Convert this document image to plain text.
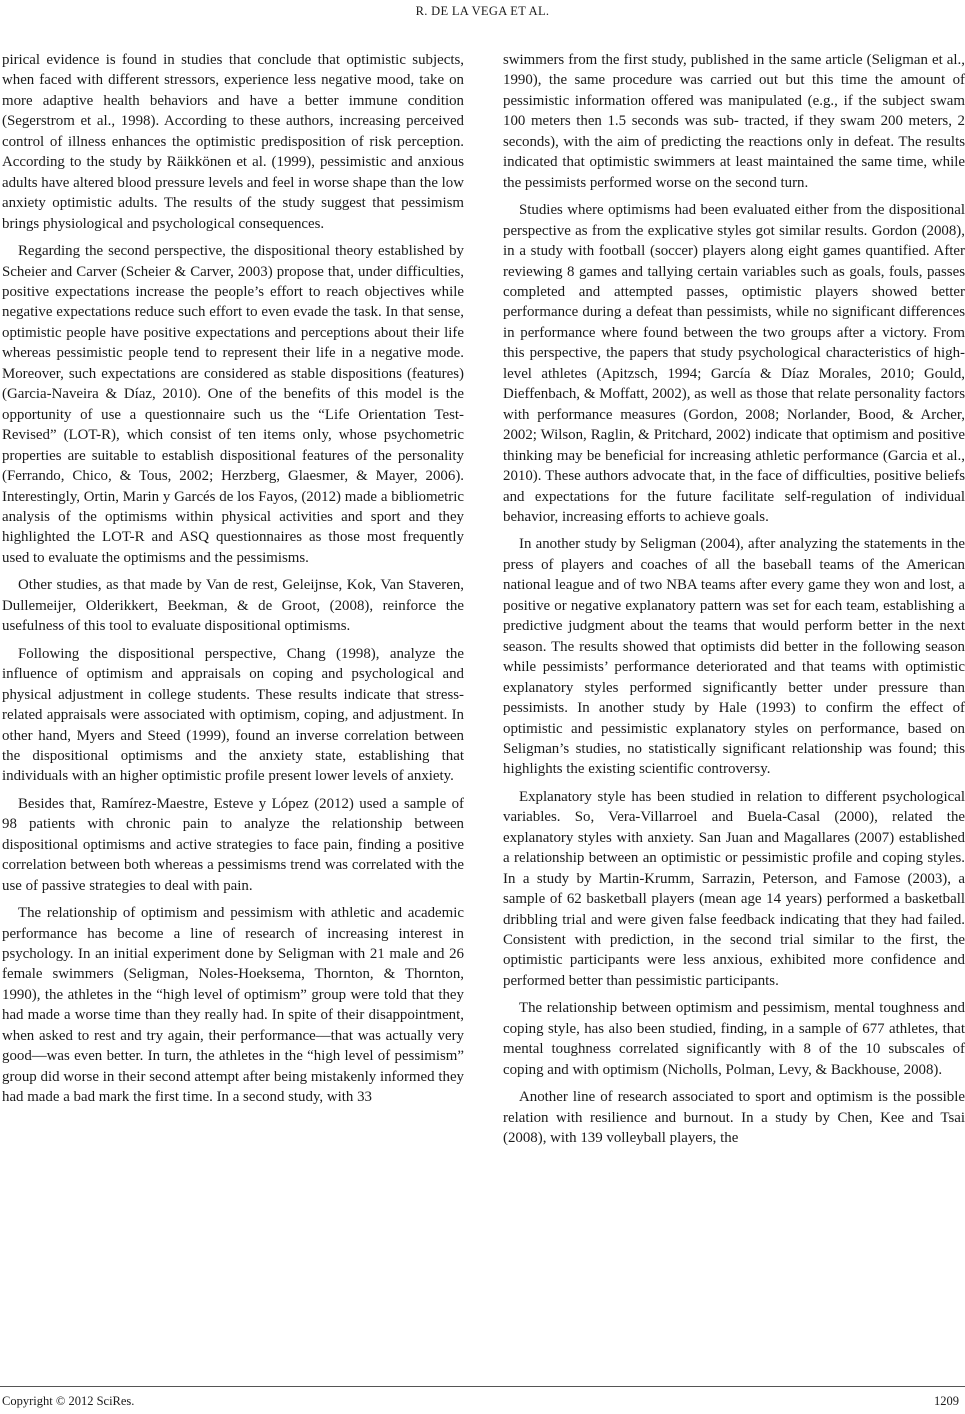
R. DE LA VEGA ET AL.

pirical evidence is found in studies that conclude that optimistic subjects, when faced with different stressors, experience less negative mood, take on more adaptive health behaviors and have a better immune condition (Segerstrom et al., 1998). According to these authors, increasing perceived control of illness enhances the optimistic predisposition of risk perception. According to the study by Räikkönen et al. (1999), pessimistic and anxious adults have altered blood pressure levels and feel in worse shape than the low anxiety optimistic adults. The results of the study suggest that pessimism brings physiological and psychological consequences.

Regarding the second perspective, the dispositional theory established by Scheier and Carver (Scheier & Carver, 2003) propose that, under difficulties, positive expectations increase the people’s effort to reach objectives while negative expectations reduce such effort to even evade the task. In that sense, optimistic people have positive expectations and perceptions about their life whereas pessimistic people tend to represent their life in a negative mode. Moreover, such expectations are considered as stable dispositions (features) (Garcia-Naveira & Díaz, 2010). One of the benefits of this model is the opportunity of use a questionnaire such us the “Life Orientation Test-Revised” (LOT-R), which consist of ten items only, whose psychometric properties are suitable to establish dispositional features of the personality (Ferrando, Chico, & Tous, 2002; Herzberg, Glaesmer, & Mayer, 2006). Interestingly, Ortin, Marin y Garcés de los Fayos, (2012) made a bibliometric analysis of the optimisms within physical activities and sport and they highlighted the LOT-R and ASQ questionnaires as those most frequently used to evaluate the optimisms and the pessimisms.

Other studies, as that made by Van de rest, Geleijnse, Kok, Van Staveren, Dullemeijer, Olderikkert, Beekman, & de Groot, (2008), reinforce the usefulness of this tool to evaluate dispositional optimisms.

Following the dispositional perspective, Chang (1998), analyze the influence of optimism and appraisals on coping and psychological and physical adjustment in college students. These results indicate that stress-related appraisals were associated with optimism, coping, and adjustment. In other hand, Myers and Steed (1999), found an inverse correlation between the dispositional optimisms and the anxiety state, establishing that individuals with an higher optimistic profile present lower levels of anxiety.

Besides that, Ramírez-Maestre, Esteve y López (2012) used a sample of 98 patients with chronic pain to analyze the relationship between dispositional optimisms and active strategies to face pain, finding a positive correlation between both whereas a pessimisms trend was correlated with the use of passive strategies to deal with pain.

The relationship of optimism and pessimism with athletic and academic performance has become a line of research of increasing interest in psychology. In an initial experiment done by Seligman with 21 male and 26 female swimmers (Seligman, Noles-Hoeksema, Thornton, & Thornton, 1990), the athletes in the “high level of optimism” group were told that they had made a worse time than they really had. In spite of their disappointment, when asked to rest and try again, their performance—that was actually very good—was even better. In turn, the athletes in the “high level of pessimism” group did worse in their second attempt after being mistakenly informed they had made a bad mark the first time. In a second study, with 33

swimmers from the first study, published in the same article (Seligman et al., 1990), the same procedure was carried out but this time the amount of pessimistic information offered was manipulated (e.g., if the subject swam 100 meters then 1.5 seconds was sub- tracted, if they swam 200 meters, 2 seconds), with the aim of predicting the reactions only in defeat. The results indicated that optimistic swimmers at least maintained the same time, while the pessimists performed worse on the second turn.

Studies where optimisms had been evaluated either from the dispositional perspective as from the explicative styles got similar results. Gordon (2008), in a study with football (soccer) players along eight games quantified. After reviewing 8 games and tallying certain variables such as goals, fouls, passes completed and attempted passes, optimistic players showed better performance during a defeat than pessimists, while no significant differences in performance where found between the two groups after a victory. From this perspective, the papers that study psychological characteristics of high-level athletes (Apitzsch, 1994; García & Díaz Morales, 2010; Gould, Dieffenbach, & Moffatt, 2002), as well as those that relate personality factors with performance measures (Gordon, 2008; Norlander, Bood, & Archer, 2002; Wilson, Raglin, & Pritchard, 2002) indicate that optimism and positive thinking may be beneficial for increasing athletic performance (Garcia et al., 2010). These authors advocate that, in the face of difficulties, positive beliefs and expectations for the future facilitate self-regulation of individual behavior, increasing efforts to achieve goals.

In another study by Seligman (2004), after analyzing the statements in the press of players and coaches of all the baseball teams of the American national league and of two NBA teams after every game they won and lost, a positive or negative explanatory pattern was set for each team, establishing a predictive judgment about the teams that would perform better in the next season. The results showed that optimists did better in the following season while pessimists’ performance deteriorated and that teams with optimistic explanatory styles performed significantly better under pressure than pessimists. In another study by Hale (1993) to confirm the effect of optimistic and pessimistic explanatory styles on performance, based on Seligman’s studies, no statistically significant relationship was found; this highlights the existing scientific controversy.

Explanatory style has been studied in relation to different psychological variables. So, Vera-Villarroel and Buela-Casal (2000), related the explanatory styles with anxiety. San Juan and Magallares (2007) established a relationship between an optimistic or pessimistic profile and coping styles. In a study by Martin-Krumm, Sarrazin, Peterson, and Famose (2003), a sample of 62 basketball players (mean age 14 years) performed a basketball dribbling trial and were given false feedback indicating that they had failed. Consistent with prediction, in the second trial similar to the first, the optimistic participants were less anxious, exhibited more confidence and performed better than pessimistic participants.

The relationship between optimism and pessimism, mental toughness and coping style, has also been studied, finding, in a sample of 677 athletes, that mental toughness correlated significantly with 8 of the 10 subscales of coping and with optimism (Nicholls, Polman, Levy, & Backhouse, 2008).

Another line of research associated to sport and optimism is the possible relation with resilience and burnout. In a study by Chen, Kee and Tsai (2008), with 139 volleyball players, the

Copyright © 2012 SciRes.	1209
